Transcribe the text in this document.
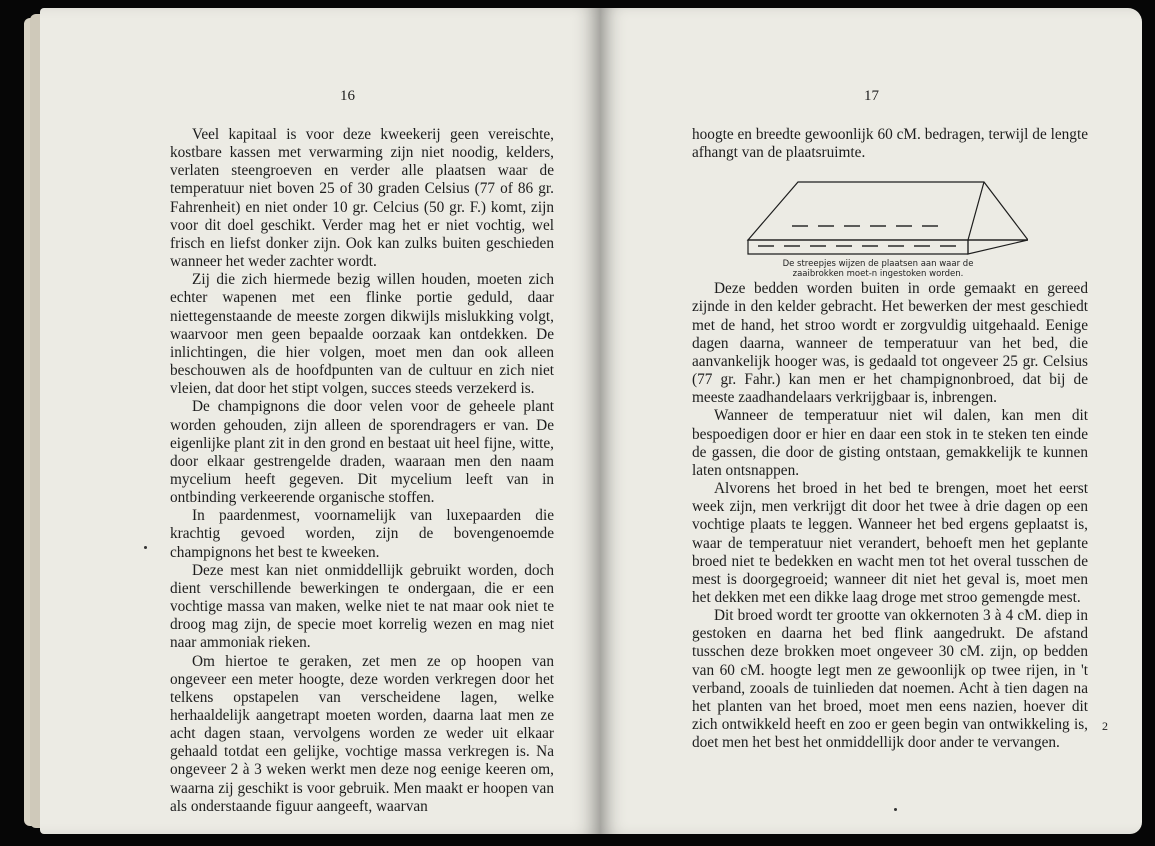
16

Veel kapitaal is voor deze kweekerij geen vereischte, kostbare kassen met verwarming zijn niet noodig, kelders, verlaten steengroeven en verder alle plaatsen waar de temperatuur niet boven 25 of 30 graden Celsius (77 of 86 gr. Fahrenheit) en niet onder 10 gr. Celcius (50 gr. F.) komt, zijn voor dit doel geschikt. Verder mag het er niet vochtig, wel frisch en liefst donker zijn. Ook kan zulks buiten geschieden wanneer het weder zachter wordt.

Zij die zich hiermede bezig willen houden, moeten zich echter wapenen met een flinke portie geduld, daar niettegenstaande de meeste zorgen dikwijls mislukking volgt, waarvoor men geen bepaalde oorzaak kan ontdekken. De inlichtingen, die hier volgen, moet men dan ook alleen beschouwen als de hoofdpunten van de cultuur en zich niet vleien, dat door het stipt volgen, succes steeds verzekerd is.

De champignons die door velen voor de geheele plant worden gehouden, zijn alleen de sporendragers er van. De eigenlijke plant zit in den grond en bestaat uit heel fijne, witte, door elkaar gestrengelde draden, waaraan men den naam mycelium heeft gegeven. Dit mycelium leeft van in ontbinding verkeerende organische stoffen.

In paardenmest, voornamelijk van luxepaarden die krachtig gevoed worden, zijn de bovengenoemde champignons het best te kweeken.

Deze mest kan niet onmiddellijk gebruikt worden, doch dient verschillende bewerkingen te ondergaan, die er een vochtige massa van maken, welke niet te nat maar ook niet te droog mag zijn, de specie moet korrelig wezen en mag niet naar ammoniak rieken.

Om hiertoe te geraken, zet men ze op hoopen van ongeveer een meter hoogte, deze worden verkregen door het telkens opstapelen van verscheidene lagen, welke herhaaldelijk aangetrapt moeten worden, daarna laat men ze acht dagen staan, vervolgens worden ze weder uit elkaar gehaald totdat een gelijke, vochtige massa verkregen is. Na ongeveer 2 à 3 weken werkt men deze nog eenige keeren om, waarna zij geschikt is voor gebruik. Men maakt er hoopen van als onderstaande figuur aangeeft, waarvan

17

hoogte en breedte gewoonlijk 60 cM. bedragen, terwijl de lengte afhangt van de plaatsruimte.

De streepjes wijzen de plaatsen aan waar de
zaaibrokken moet-n ingestoken worden.

Deze bedden worden buiten in orde gemaakt en gereed zijnde in den kelder gebracht. Het bewerken der mest geschiedt met de hand, het stroo wordt er zorgvuldig uitgehaald. Eenige dagen daarna, wanneer de temperatuur van het bed, die aanvankelijk hooger was, is gedaald tot ongeveer 25 gr. Celsius (77 gr. Fahr.) kan men er het champignonbroed, dat bij de meeste zaadhandelaars verkrijgbaar is, inbrengen.

Wanneer de temperatuur niet wil dalen, kan men dit bespoedigen door er hier en daar een stok in te steken ten einde de gassen, die door de gisting ontstaan, gemakkelijk te kunnen laten ontsnappen.

Alvorens het broed in het bed te brengen, moet het eerst week zijn, men verkrijgt dit door het twee à drie dagen op een vochtige plaats te leggen. Wanneer het bed ergens geplaatst is, waar de temperatuur niet verandert, behoeft men het geplante broed niet te bedekken en wacht men tot het overal tusschen de mest is doorgegroeid; wanneer dit niet het geval is, moet men het dekken met een dikke laag droge met stroo gemengde mest.

Dit broed wordt ter grootte van okkernoten 3 à 4 cM. diep in gestoken en daarna het bed flink aangedrukt. De afstand tusschen deze brokken moet ongeveer 30 cM. zijn, op bedden van 60 cM. hoogte legt men ze gewoonlijk op twee rijen, in 't verband, zooals de tuinlieden dat noemen. Acht à tien dagen na het planten van het broed, moet men eens nazien, hoever dit zich ontwikkeld heeft en zoo er geen begin van ontwikkeling is, doet men het best het onmiddellijk door ander te vervangen.

2
